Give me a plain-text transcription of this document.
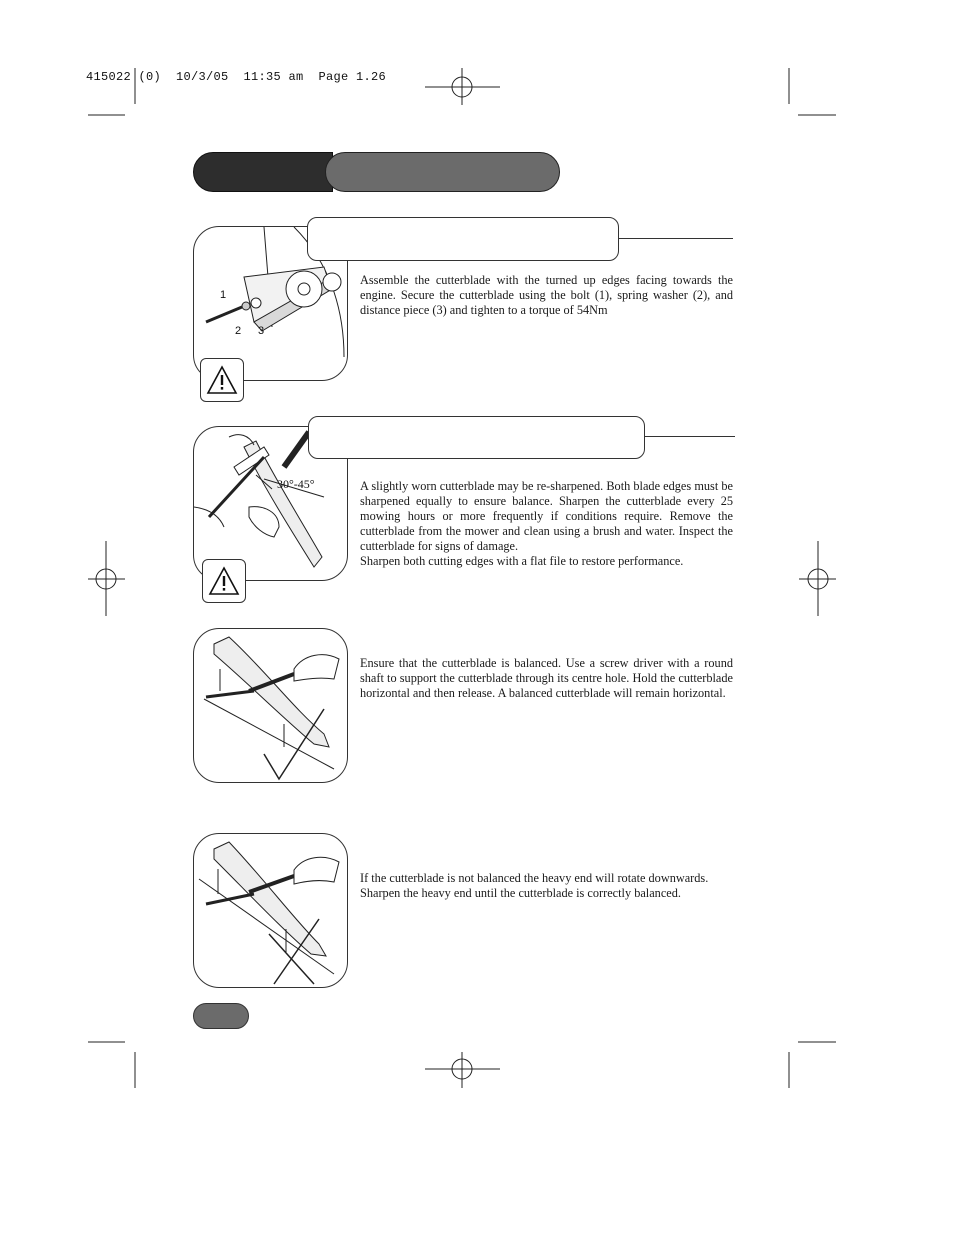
415022 (0)  10/3/05  11:35 am  Page 1.26
1
2 3

Assemble the cutterblade with the turned up edges facing towards the engine. Secure the cutterblade using the bolt (1), spring washer (2), and distance piece (3) and tighten to a torque of 54Nm

30°-45°	A slightly worn cutterblade may be re-sharpened. Both blade edges must be sharpened equally to ensure balance. Sharpen the cutterblade every 25 mowing hours or more frequently if conditions require. Remove the cutterblade from the mower and clean using a brush and water. Inspect the cutterblade for signs of damage.

Sharpen both cutting edges with a flat file to restore performance.

Ensure that the cutterblade is balanced. Use a screw driver with a round shaft to support the cutterblade through its centre hole. Hold the cutterblade horizontal and then release. A balanced cutterblade will remain horizontal.

If the cutterblade is not balanced the heavy end will rotate downwards. Sharpen the heavy end until the cutterblade is correctly balanced.
